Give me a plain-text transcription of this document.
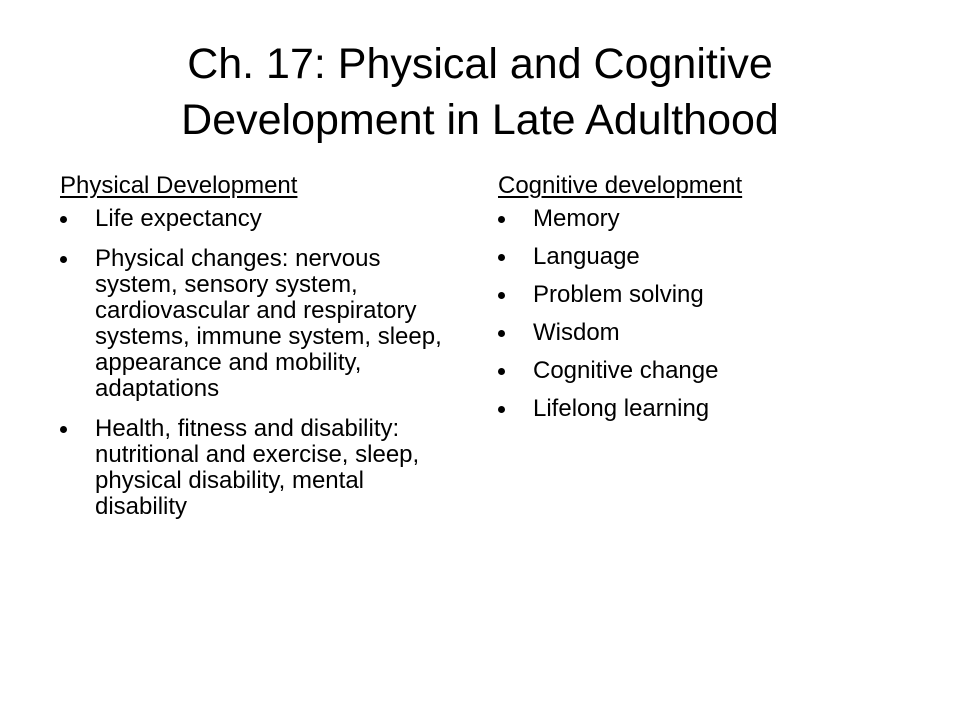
Ch. 17: Physical and Cognitive
Development in Late Adulthood

Physical Development

Life expectancy
Physical changes: nervous system, sensory system, cardiovascular and respiratory systems, immune system, sleep, appearance and mobility, adaptations
Health, fitness and disability: nutritional and exercise, sleep, physical disability, mental disability

Cognitive development

Memory
Language
Problem solving
Wisdom
Cognitive change
Lifelong learning
